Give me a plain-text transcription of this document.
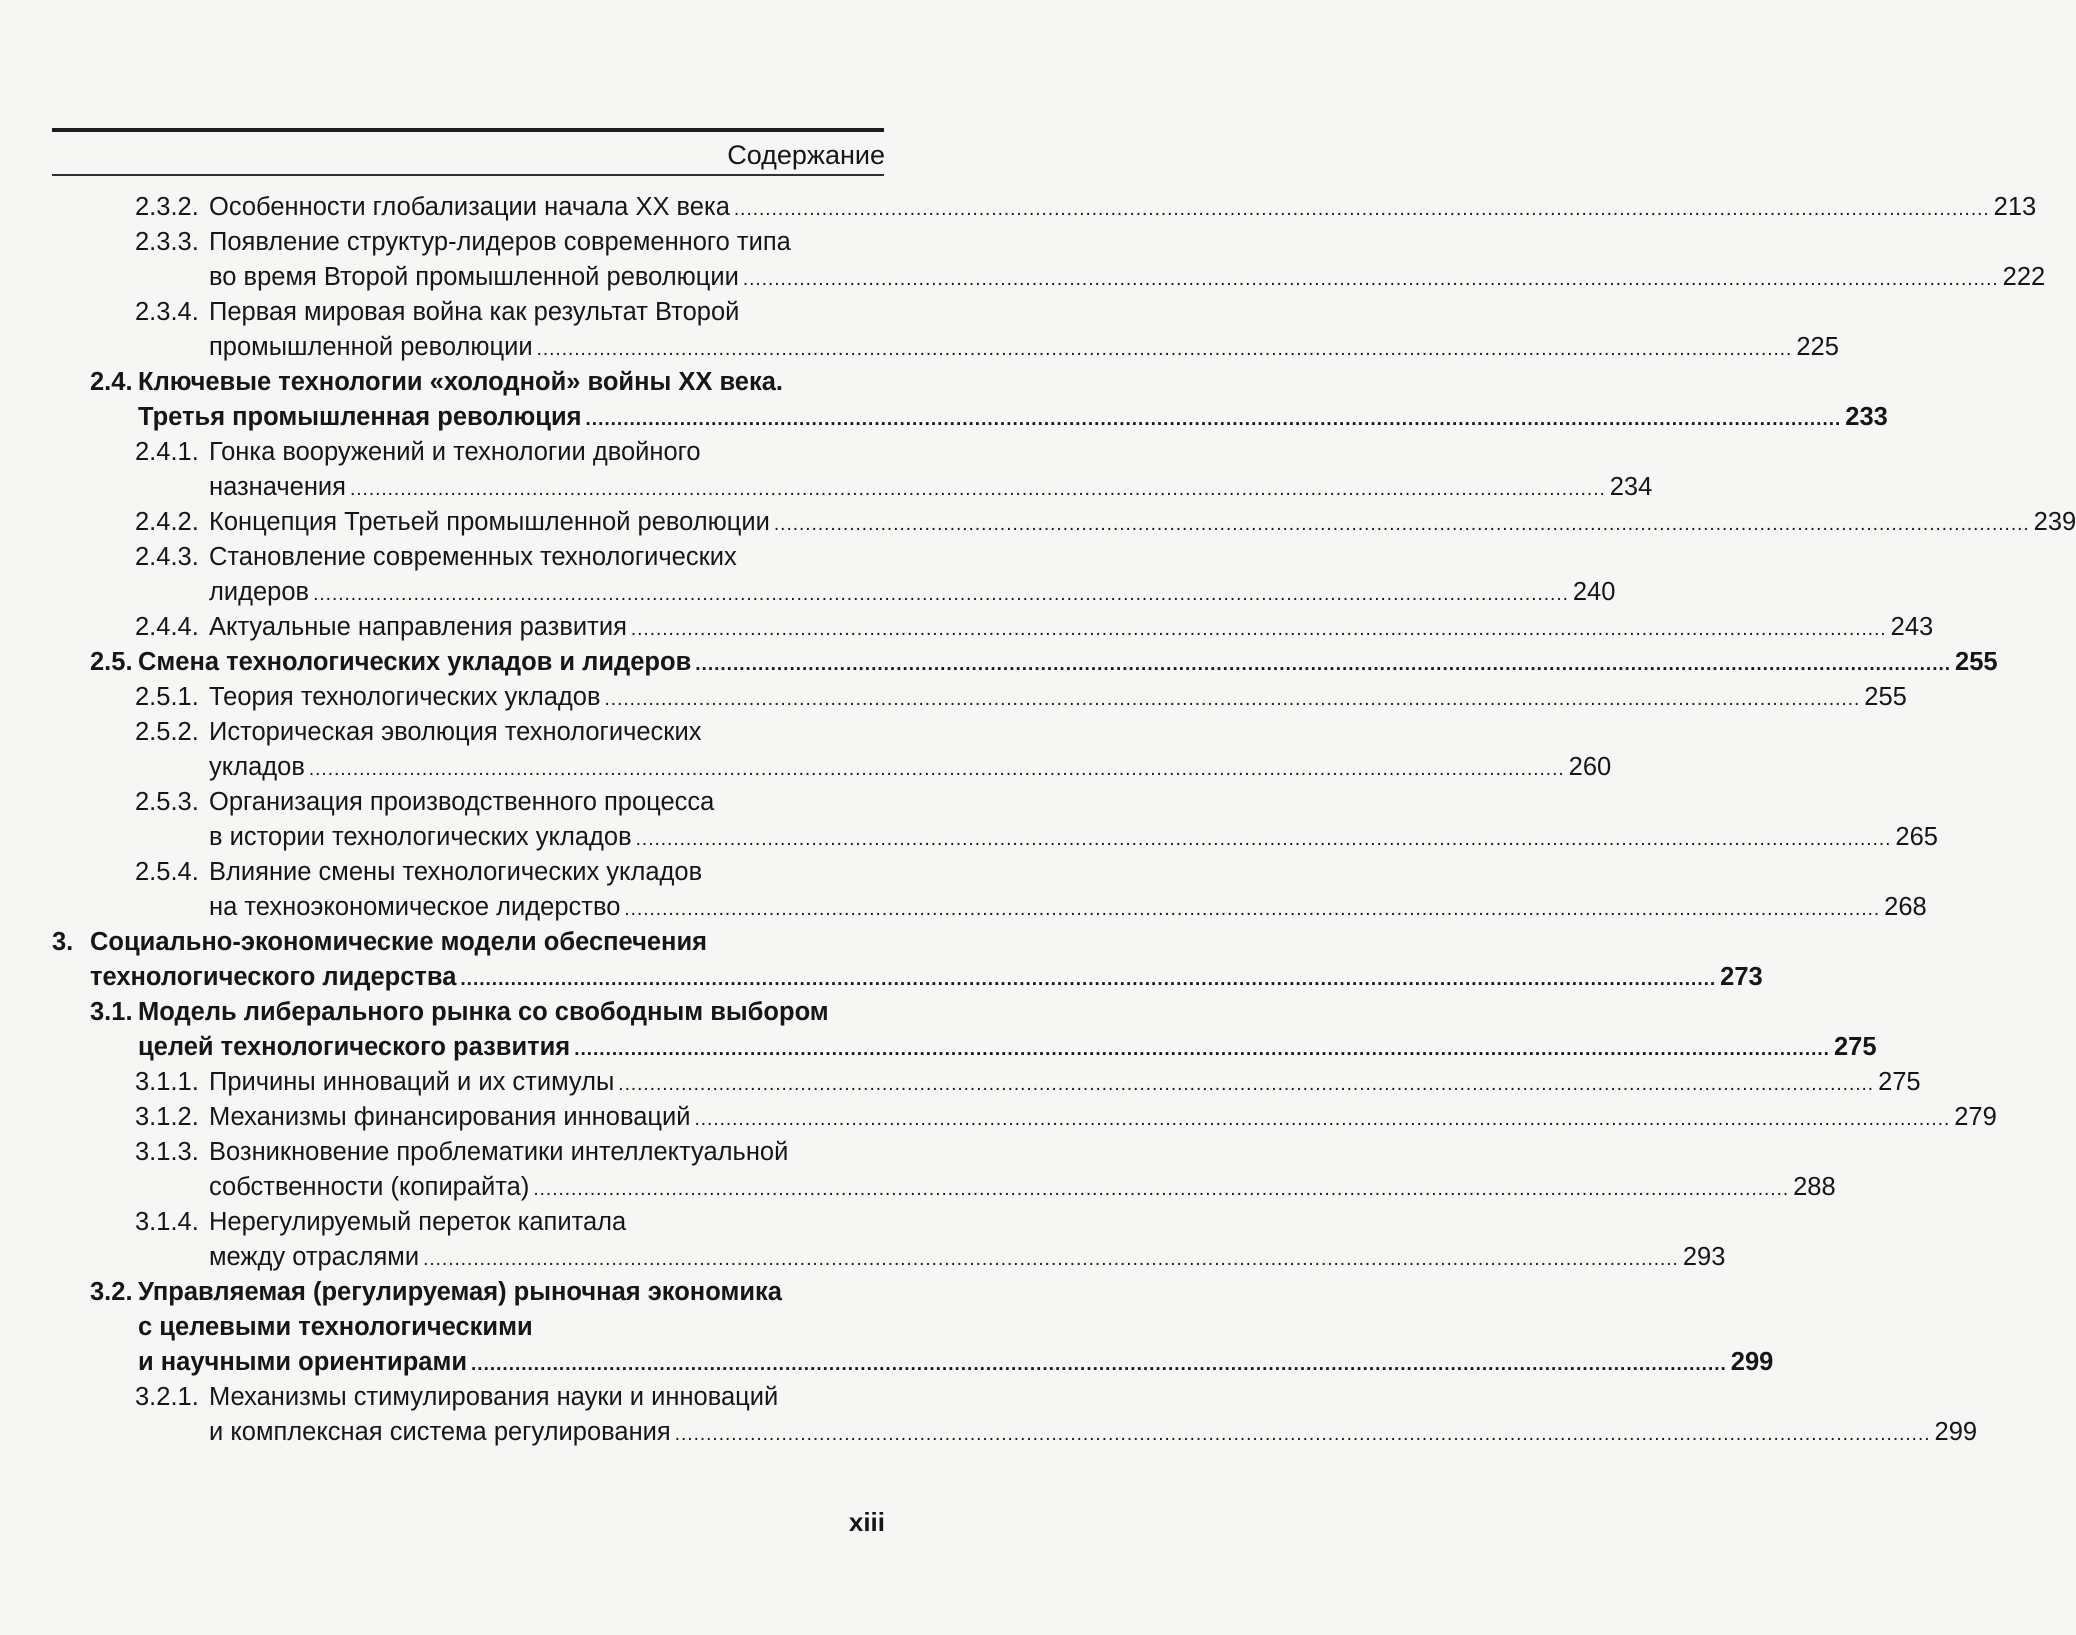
Содержание
2.3.2. Особенности глобализации начала XX века ........................................................................................................................................................................................................ 213
2.3.3. Появление структур-лидеров современного типа
во время Второй промышленной революции ........................................................................................................................................................................................................ 222
2.3.4. Первая мировая война как результат Второй
промышленной революции ........................................................................................................................................................................................................ 225
2.4. Ключевые технологии «холодной» войны XX века.
Третья промышленная революция ........................................................................................................................................................................................................ 233
2.4.1. Гонка вооружений и технологии двойного
назначения ........................................................................................................................................................................................................ 234
2.4.2. Концепция Третьей промышленной революции ........................................................................................................................................................................................................ 239
2.4.3. Становление современных технологических
лидеров ........................................................................................................................................................................................................ 240
2.4.4. Актуальные направления развития ........................................................................................................................................................................................................ 243
2.5. Смена технологических укладов и лидеров ........................................................................................................................................................................................................ 255
2.5.1. Теория технологических укладов ........................................................................................................................................................................................................ 255
2.5.2. Историческая эволюция технологических
укладов ........................................................................................................................................................................................................ 260
2.5.3. Организация производственного процесса
в истории технологических укладов ........................................................................................................................................................................................................ 265
2.5.4. Влияние смены технологических укладов
на техноэкономическое лидерство ........................................................................................................................................................................................................ 268
3. Социально-экономические модели обеспечения
технологического лидерства ........................................................................................................................................................................................................ 273
3.1. Модель либерального рынка со свободным выбором
целей технологического развития ........................................................................................................................................................................................................ 275
3.1.1. Причины инноваций и их стимулы ........................................................................................................................................................................................................ 275
3.1.2. Механизмы финансирования инноваций ........................................................................................................................................................................................................ 279
3.1.3. Возникновение проблематики интеллектуальной
собственности (копирайта) ........................................................................................................................................................................................................ 288
3.1.4. Нерегулируемый переток капитала
между отраслями ........................................................................................................................................................................................................ 293
3.2. Управляемая (регулируемая) рыночная экономика
с целевыми технологическими
и научными ориентирами ........................................................................................................................................................................................................ 299
3.2.1. Механизмы стимулирования науки и инноваций
и комплексная система регулирования ........................................................................................................................................................................................................ 299
xiii
